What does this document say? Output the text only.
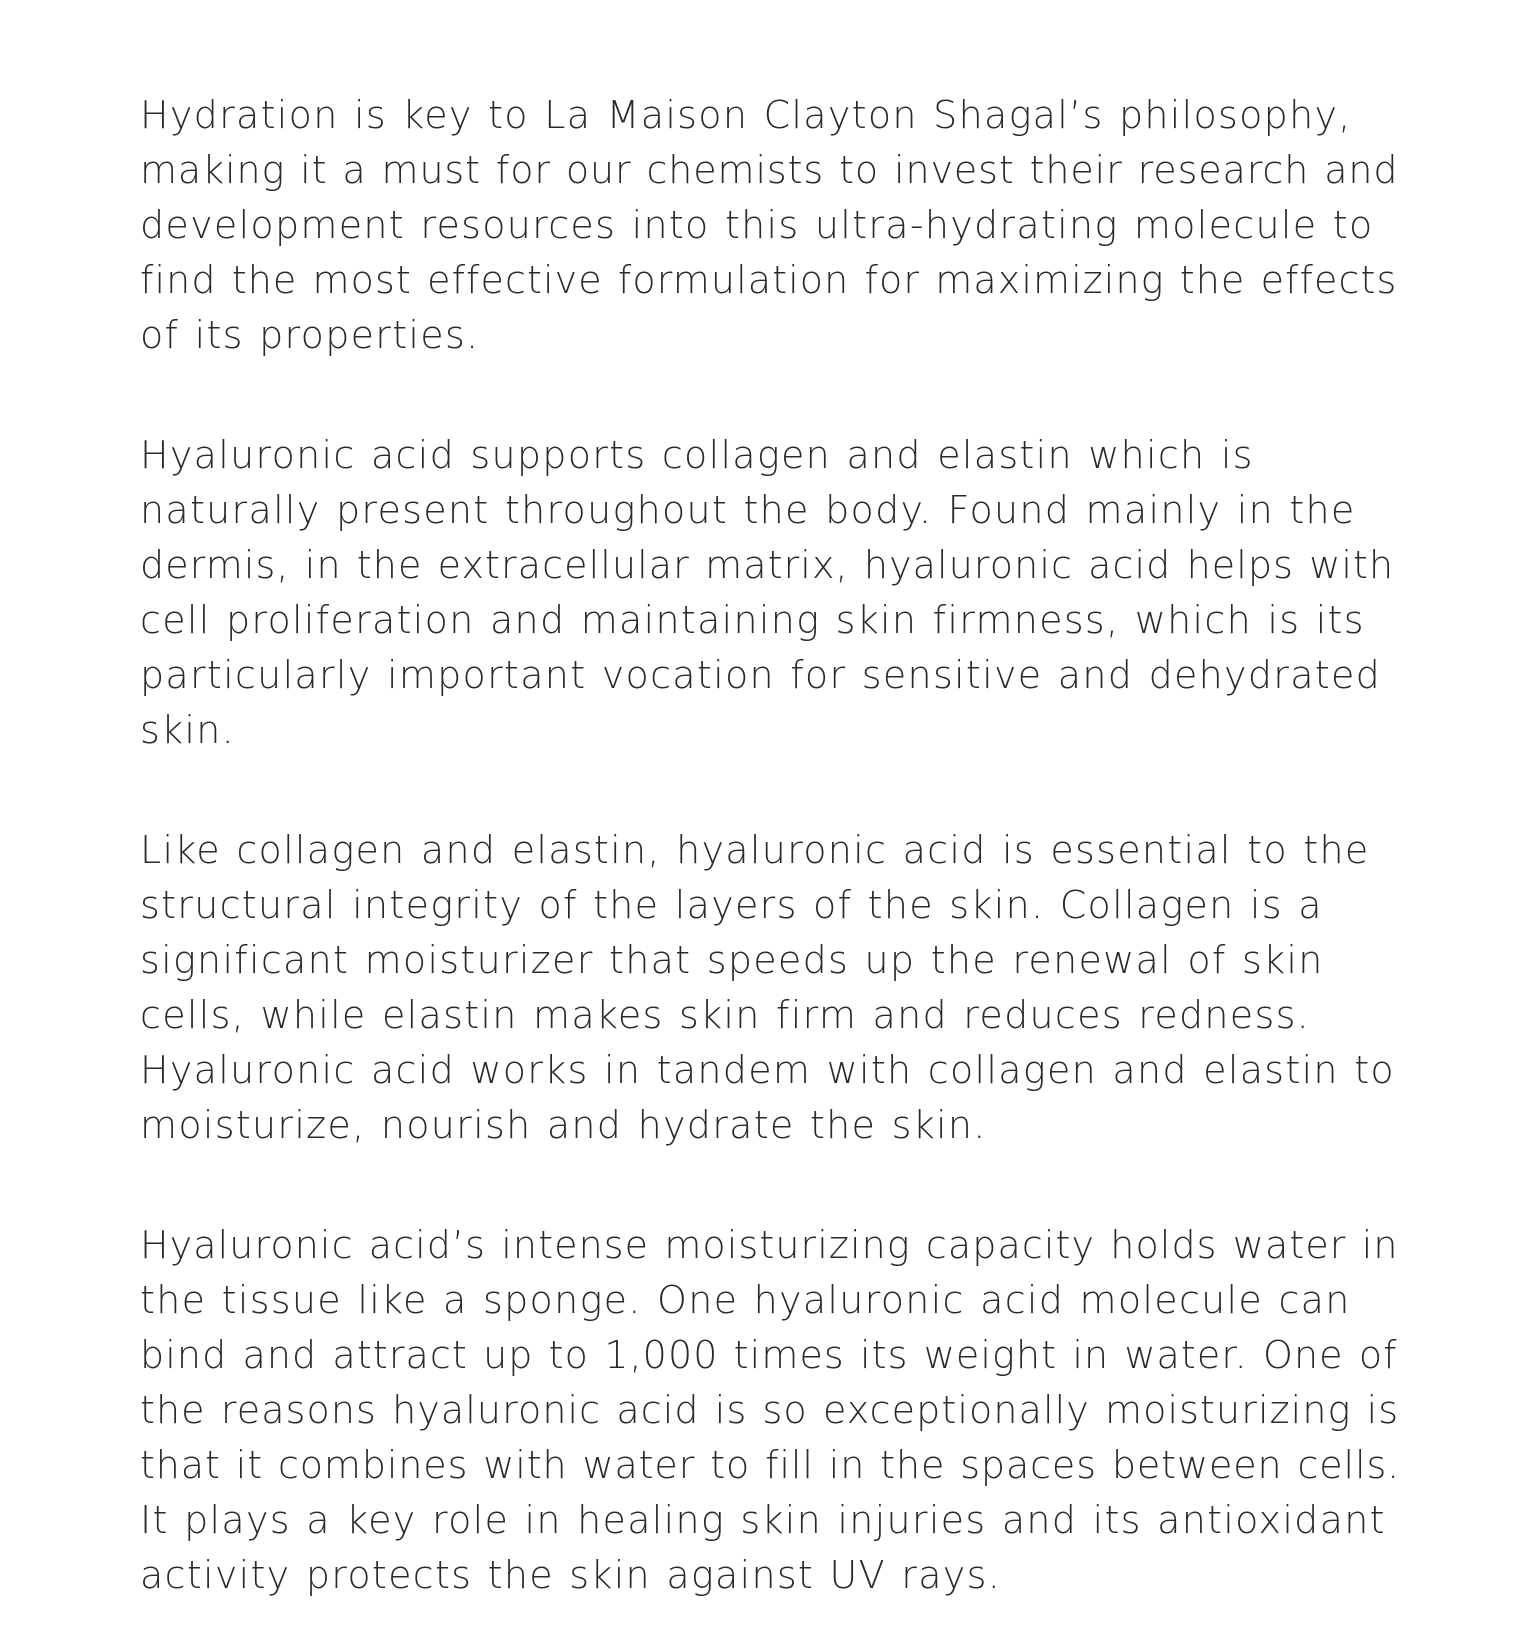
Hydration is key to La Maison Clayton Shagal’s philosophy,
making it a must for our chemists to invest their research and
development resources into this ultra-hydrating molecule to
find the most effective formulation for maximizing the effects
of its properties.

Hyaluronic acid supports collagen and elastin which is
naturally present throughout the body. Found mainly in the
dermis, in the extracellular matrix, hyaluronic acid helps with
cell proliferation and maintaining skin firmness, which is its
particularly important vocation for sensitive and dehydrated
skin.

Like collagen and elastin, hyaluronic acid is essential to the
structural integrity of the layers of the skin. Collagen is a
significant moisturizer that speeds up the renewal of skin
cells, while elastin makes skin firm and reduces redness.
Hyaluronic acid works in tandem with collagen and elastin to
moisturize, nourish and hydrate the skin.

Hyaluronic acid’s intense moisturizing capacity holds water in
the tissue like a sponge. One hyaluronic acid molecule can
bind and attract up to 1,000 times its weight in water. One of
the reasons hyaluronic acid is so exceptionally moisturizing is
that it combines with water to fill in the spaces between cells.
It plays a key role in healing skin injuries and its antioxidant
activity protects the skin against UV rays.
